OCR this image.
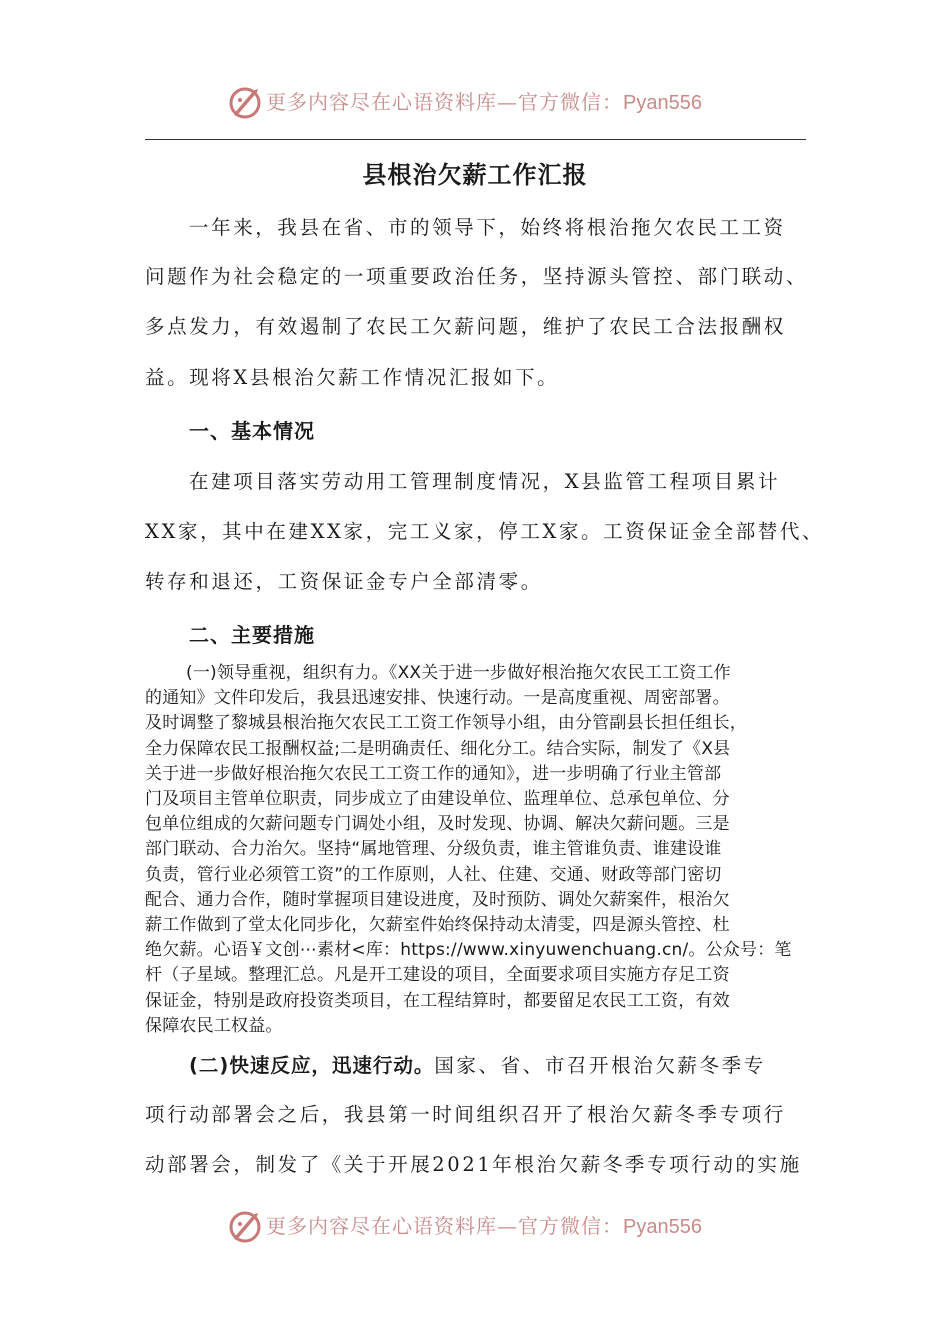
更多内容尽在心语资料库—官方微信：Pyan556
县根治欠薪工作汇报
一年来，我县在省、市的领导下，始终将根治拖欠农民工工资
问题作为社会稳定的一项重要政治任务，坚持源头管控、部门联动、
多点发力，有效遏制了农民工欠薪问题，维护了农民工合法报酬权
益。现将X县根治欠薪工作情况汇报如下。
一、基本情况
在建项目落实劳动用工管理制度情况，X县监管工程项目累计
XX家，其中在建XX家，完工义家，停工X家。工资保证金全部替代、
转存和退还，工资保证金专户全部清零。
二、主要措施
(一)领导重视，组织有力。《XX关于进一步做好根治拖欠农民工工资工作
的通知》文件印发后，我县迅速安排、快速行动。一是高度重视、周密部署。
及时调整了黎城县根治拖欠农民工工资工作领导小组，由分管副县长担任组长，
全力保障农民工报酬权益;二是明确责任、细化分工。结合实际，制发了《X县
关于进一步做好根治拖欠农民工工资工作的通知》，进一步明确了行业主管部
门及项目主管单位职责，同步成立了由建设单位、监理单位、总承包单位、分
包单位组成的欠薪问题专门调处小组，及时发现、协调、解决欠薪问题。三是
部门联动、合力治欠。坚持“属地管理、分级负责，谁主管谁负责、谁建设谁
负责，管行业必须管工资”的工作原则，人社、住建、交通、财政等部门密切
配合、通力合作，随时掌握项目建设进度，及时预防、调处欠薪案件，根治欠
薪工作做到了堂太化同步化，欠薪室件始终保持动太清雯，四是源头管控、杜
绝欠薪。心语￥文创⋯素材<库：https://www.xinyuwenchuang.cn/。公众号：笔
杆（子星域。整理汇总。凡是开工建设的项目，全面要求项目实施方存足工资
保证金，特别是政府投资类项目，在工程结算时，都要留足农民工工资，有效
保障农民工权益。
(二)快速反应，迅速行动。国家、省、市召开根治欠薪冬季专
项行动部署会之后，我县第一时间组织召开了根治欠薪冬季专项行
动部署会，制发了《关于开展2021年根治欠薪冬季专项行动的实施
更多内容尽在心语资料库—官方微信：Pyan556
